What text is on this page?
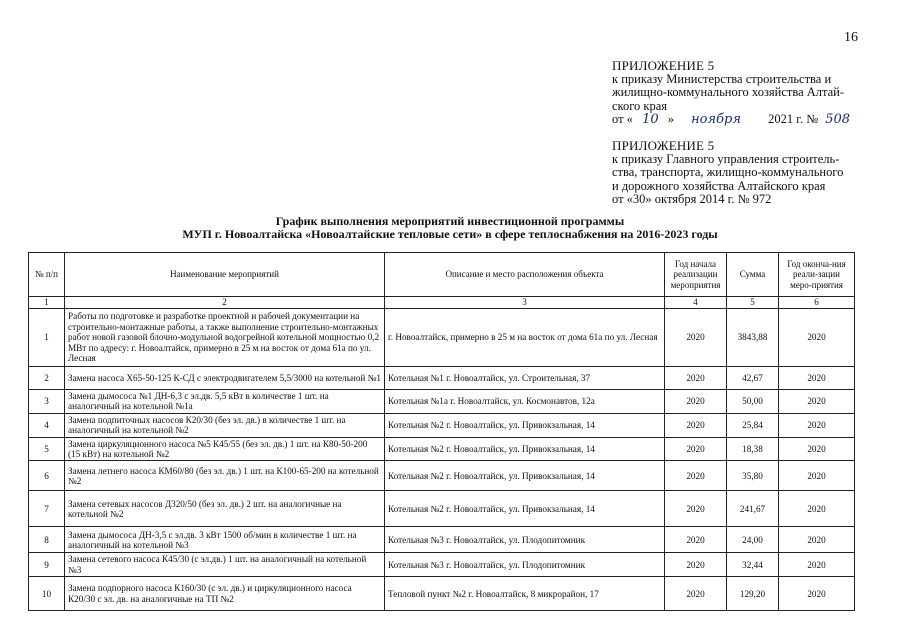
16
ПРИЛОЖЕНИЕ 5
к приказу Министерства строительства и
жилищно-коммунального хозяйства Алтай-
ского края
от « 10 » ноября 2021 г. № 508
ПРИЛОЖЕНИЕ 5
к приказу Главного управления строитель-
ства, транспорта, жилищно-коммунального
и дорожного хозяйства Алтайского края
от «30» октября 2014 г. № 972
График выполнения мероприятий инвестиционной программы
МУП г. Новоалтайска «Новоалтайские тепловые сети» в сфере теплоснабжения на 2016-2023 годы
№ п/п	Наименование мероприятий	Описание и место расположения объекта	Год начала реализации мероприятия	Сумма	Год оконча-ния реали-зации меро-приятия
1	2	3	4	5	6
1	Работы по подготовке и разработке проектной и рабочей документации на строительно-монтажные работы, а также выполнение строительно-монтажных работ новой газовой блочно-модульной водогрейной котельной мощностью 0,2 МВт по адресу: г. Новоалтайск, примерно в 25 м на восток от дома 61а по ул. Лесная	г. Новоалтайск, примерно в 25 м на восток от дома 61а по ул. Лесная	2020	3843,88	2020
2	Замена насоса Х65-50-125 К-СД с электродвигателем 5,5/3000 на котельной №1	Котельная №1 г. Новоалтайск, ул. Строительная, 37	2020	42,67	2020
3	Замена дымососа №1 ДН-6,3 с эл.дв. 5,5 кВт в количестве 1 шт. на аналогичный на котельной №1а	Котельная №1а г. Новоалтайск, ул. Космонавтов, 12а	2020	50,00	2020
4	Замена подпиточных насосов К20/30 (без эл. дв.) в количестве 1 шт. на аналогичный на котельной №2	Котельная №2 г. Новоалтайск, ул. Привокзальная, 14	2020	25,84	2020
5	Замена циркуляционного насоса №5 К45/55 (без эл. дв.) 1 шт. на К80-50-200 (15 кВт) на котельной №2	Котельная №2 г. Новоалтайск, ул. Привокзальная, 14	2020	18,38	2020
6	Замена летнего насоса КМ60/80 (без эл. дв.) 1 шт. на К100-65-200 на котельной №2	Котельная №2 г. Новоалтайск, ул. Привокзальная, 14	2020	35,80	2020
7	Замена сетевых насосов Д320/50 (без эл. дв.) 2 шт. на аналогичные на котельной №2	Котельная №2 г. Новоалтайск, ул. Привокзальная, 14	2020	241,67	2020
8	Замена дымососа ДН-3,5 с эл.дв. 3 кВт 1500 об/мин в количестве 1 шт. на аналогичный на котельной №3	Котельная №3 г. Новоалтайск, ул. Плодопитомник	2020	24,00	2020
9	Замена сетевого насоса К45/30 (с эл.дв.) 1 шт. на аналогичный на котельной №3	Котельная №3 г. Новоалтайск, ул. Плодопитомник	2020	32,44	2020
10	Замена подпорного насоса К160/30 (с эл. дв.) и циркуляционного насоса К20/30 с эл. дв. на аналогичные на ТП №2	Тепловой пункт №2 г. Новоалтайск, 8 микрорайон, 17	2020	129,20	2020
